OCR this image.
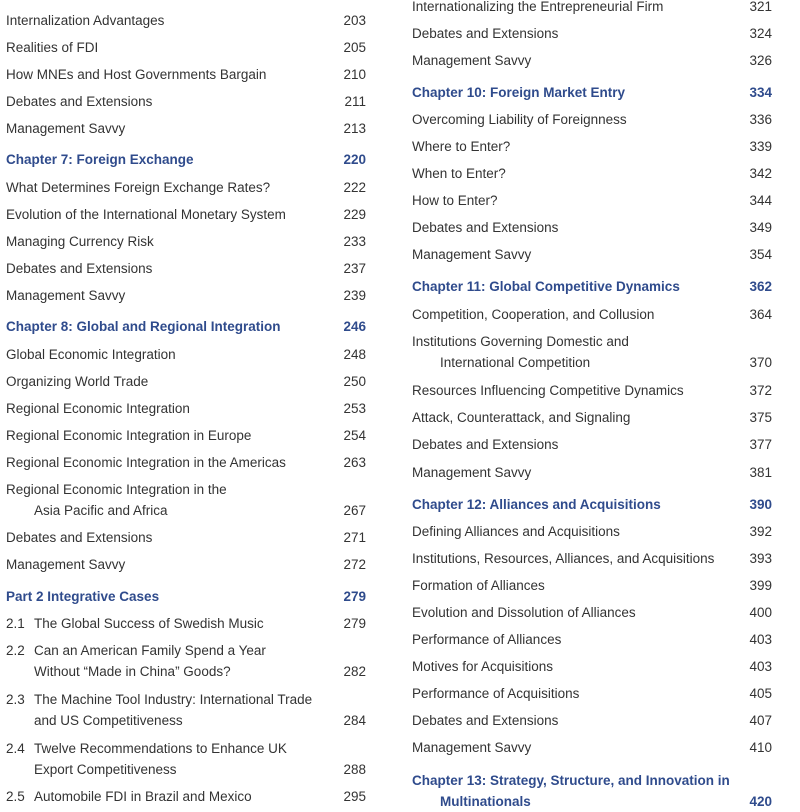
Internalization Advantages	203
Realities of FDI	205
How MNEs and Host Governments Bargain	210
Debates and Extensions	211
Management Savvy	213
Chapter 7: Foreign Exchange	220
What Determines Foreign Exchange Rates?	222
Evolution of the International Monetary System	229
Managing Currency Risk	233
Debates and Extensions	237
Management Savvy	239
Chapter 8: Global and Regional Integration	246
Global Economic Integration	248
Organizing World Trade	250
Regional Economic Integration	253
Regional Economic Integration in Europe	254
Regional Economic Integration in the Americas	263
Regional Economic Integration in the
Asia Pacific and Africa	267
Debates and Extensions	271
Management Savvy	272
Part 2 Integrative Cases	279
2.1 The Global Success of Swedish Music	279
2.2 Can an American Family Spend a Year
Without “Made in China” Goods?	282
2.3 The Machine Tool Industry: International Trade
and US Competitiveness	284
2.4 Twelve Recommendations to Enhance UK
Export Competitiveness	288
2.5 Automobile FDI in Brazil and Mexico	295
Internationalizing the Entrepreneurial Firm	321
Debates and Extensions	324
Management Savvy	326
Chapter 10: Foreign Market Entry	334
Overcoming Liability of Foreignness	336
Where to Enter?	339
When to Enter?	342
How to Enter?	344
Debates and Extensions	349
Management Savvy	354
Chapter 11: Global Competitive Dynamics	362
Competition, Cooperation, and Collusion	364
Institutions Governing Domestic and
International Competition	370
Resources Influencing Competitive Dynamics	372
Attack, Counterattack, and Signaling	375
Debates and Extensions	377
Management Savvy	381
Chapter 12: Alliances and Acquisitions	390
Defining Alliances and Acquisitions	392
Institutions, Resources, Alliances, and Acquisitions	393
Formation of Alliances	399
Evolution and Dissolution of Alliances	400
Performance of Alliances	403
Motives for Acquisitions	403
Performance of Acquisitions	405
Debates and Extensions	407
Management Savvy	410
Chapter 13: Strategy, Structure, and Innovation in
Multinationals	420
